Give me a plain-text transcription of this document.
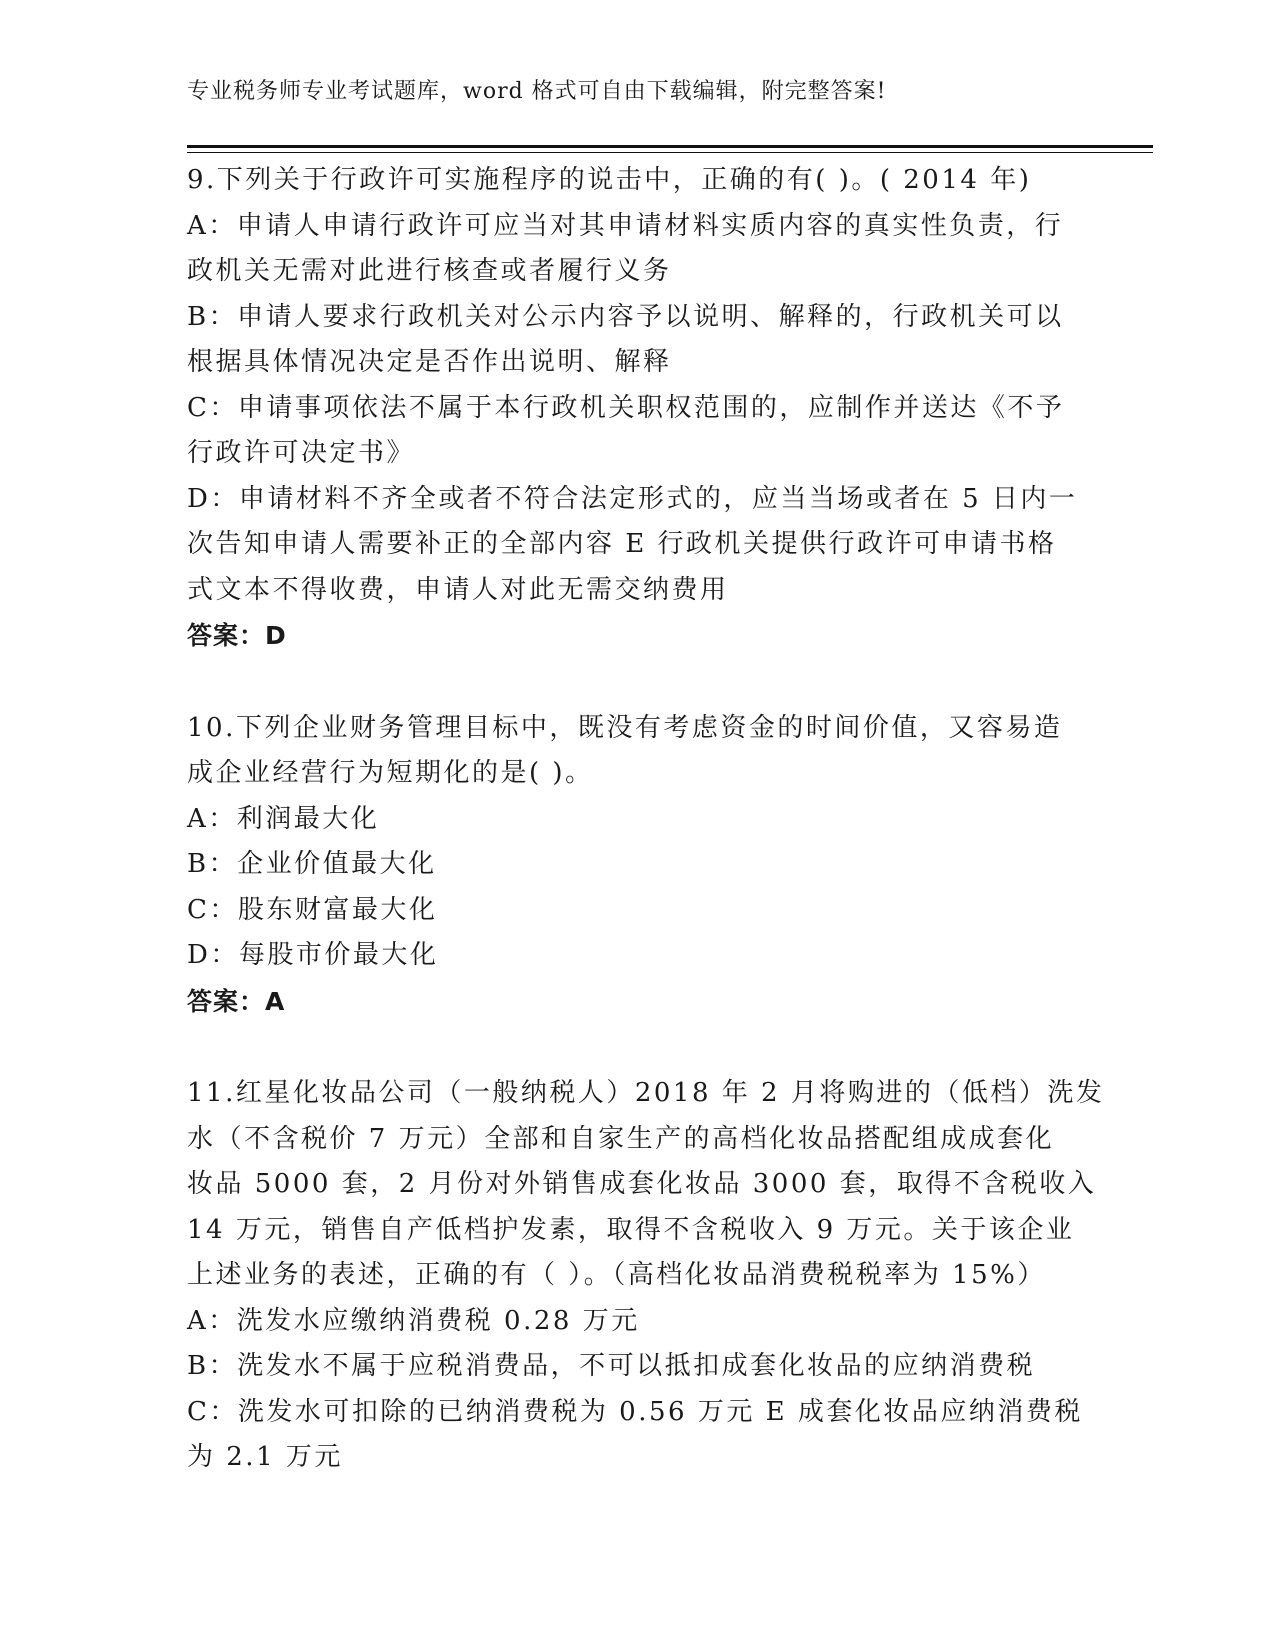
专业税务师专业考试题库，word 格式可自由下载编辑，附完整答案!
9.下列关于行政许可实施程序的说击中，正确的有( )。( 2014 年)
A：申请人申请行政许可应当对其申请材料实质内容的真实性负责，行
政机关无需对此进行核查或者履行义务
B：申请人要求行政机关对公示内容予以说明、解释的，行政机关可以
根据具体情况决定是否作出说明、解释
C：申请事项依法不属于本行政机关职权范围的，应制作并送达《不予
行政许可决定书》
D：申请材料不齐全或者不符合法定形式的，应当当场或者在 5 日内一
次告知申请人需要补正的全部内容 E 行政机关提供行政许可申请书格
式文本不得收费，申请人对此无需交纳费用
答案：D
10.下列企业财务管理目标中，既没有考虑资金的时间价值，又容易造
成企业经营行为短期化的是( )。
A：利润最大化
B：企业价值最大化
C：股东财富最大化
D：每股市价最大化
答案：A
11.红星化妆品公司（一般纳税人）2018 年 2 月将购进的（低档）洗发
水（不含税价 7 万元）全部和自家生产的高档化妆品搭配组成成套化
妆品 5000 套，2 月份对外销售成套化妆品 3000 套，取得不含税收入
14 万元，销售自产低档护发素，取得不含税收入 9 万元。关于该企业
上述业务的表述，正确的有（ ）。（高档化妆品消费税税率为 15%）
A：洗发水应缴纳消费税 0.28 万元
B：洗发水不属于应税消费品，不可以抵扣成套化妆品的应纳消费税
C：洗发水可扣除的已纳消费税为 0.56 万元 E 成套化妆品应纳消费税
为 2.1 万元
